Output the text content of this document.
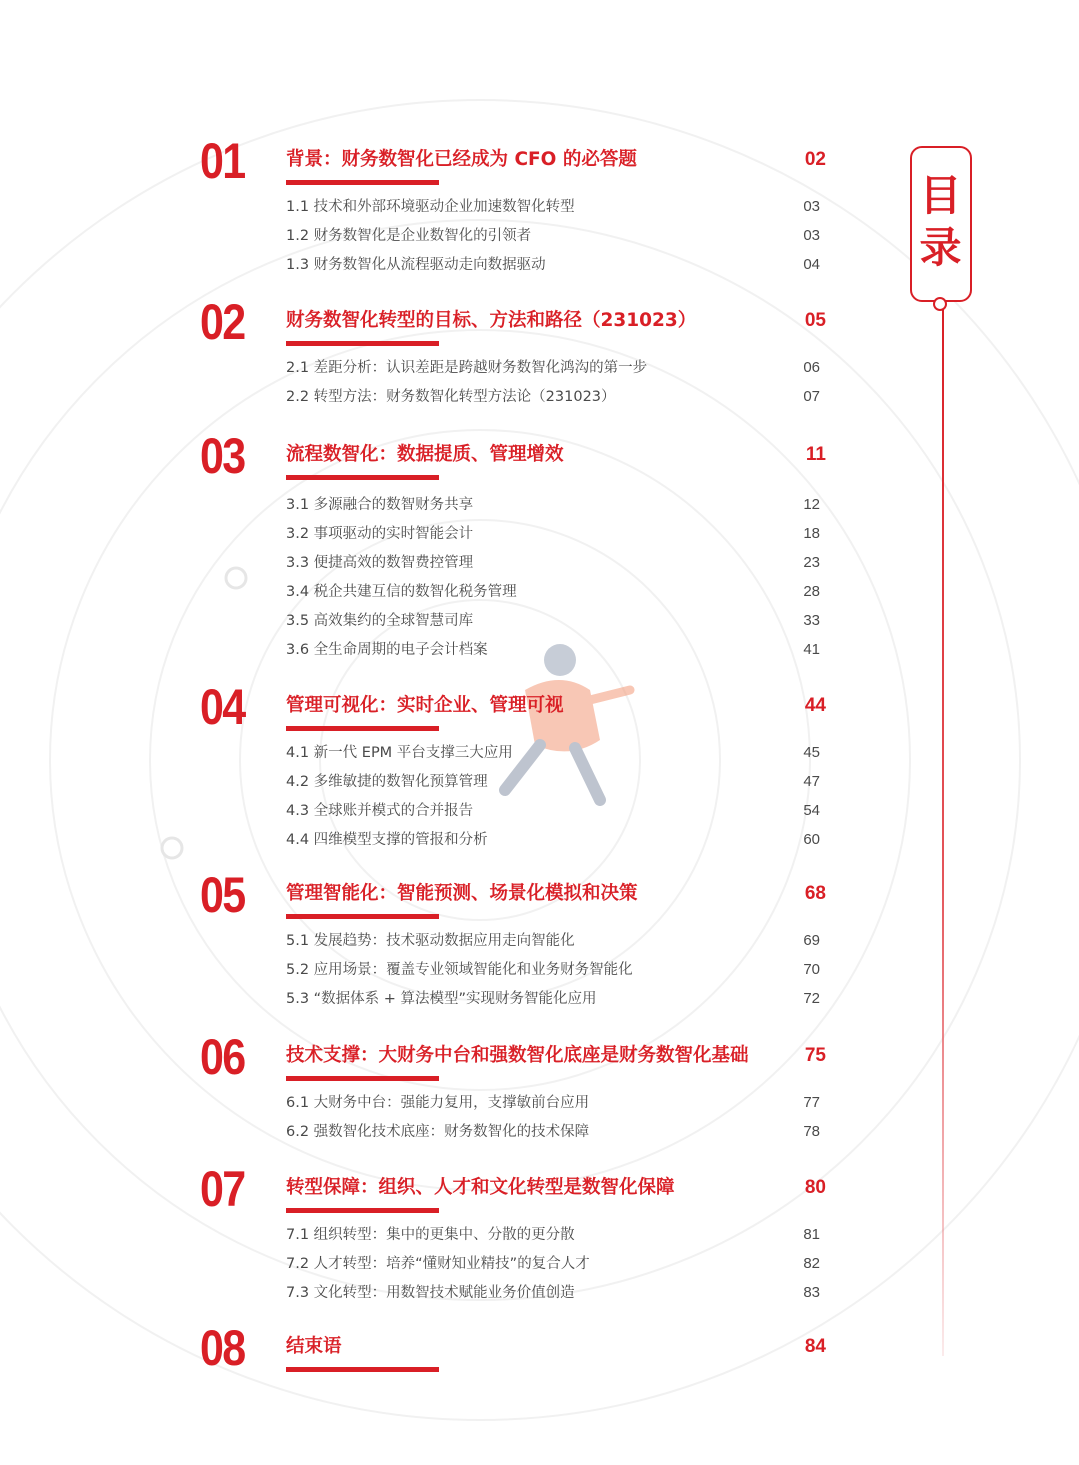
01	背景：财务数智化已经成为 CFO 的必答题	02
1.1 技术和外部环境驱动企业加速数智化转型	03
1.2 财务数智化是企业数智化的引领者	03
1.3 财务数智化从流程驱动走向数据驱动	04
02	财务数智化转型的目标、方法和路径（231023）	05
2.1 差距分析：认识差距是跨越财务数智化鸿沟的第一步	06
2.2 转型方法：财务数智化转型方法论（231023）	07
03	流程数智化：数据提质、管理增效	11
3.1 多源融合的数智财务共享	12
3.2 事项驱动的实时智能会计	18
3.3 便捷高效的数智费控管理	23
3.4 税企共建互信的数智化税务管理	28
3.5 高效集约的全球智慧司库	33
3.6 全生命周期的电子会计档案	41
04	管理可视化：实时企业、管理可视	44
4.1 新一代 EPM 平台支撑三大应用	45
4.2 多维敏捷的数智化预算管理	47
4.3 全球账并模式的合并报告	54
4.4 四维模型支撑的管报和分析	60
05	管理智能化：智能预测、场景化模拟和决策	68
5.1 发展趋势：技术驱动数据应用走向智能化	69
5.2 应用场景：覆盖专业领域智能化和业务财务智能化	70
5.3 “数据体系 + 算法模型”实现财务智能化应用	72
06	技术支撑：大财务中台和强数智化底座是财务数智化基础	75
6.1 大财务中台：强能力复用，支撑敏前台应用	77
6.2 强数智化技术底座：财务数智化的技术保障	78
07	转型保障：组织、人才和文化转型是数智化保障	80
7.1 组织转型：集中的更集中、分散的更分散	81
7.2 人才转型：培养“懂财知业精技”的复合人才	82
7.3 文化转型：用数智技术赋能业务价值创造	83
08	结束语	84
目录
